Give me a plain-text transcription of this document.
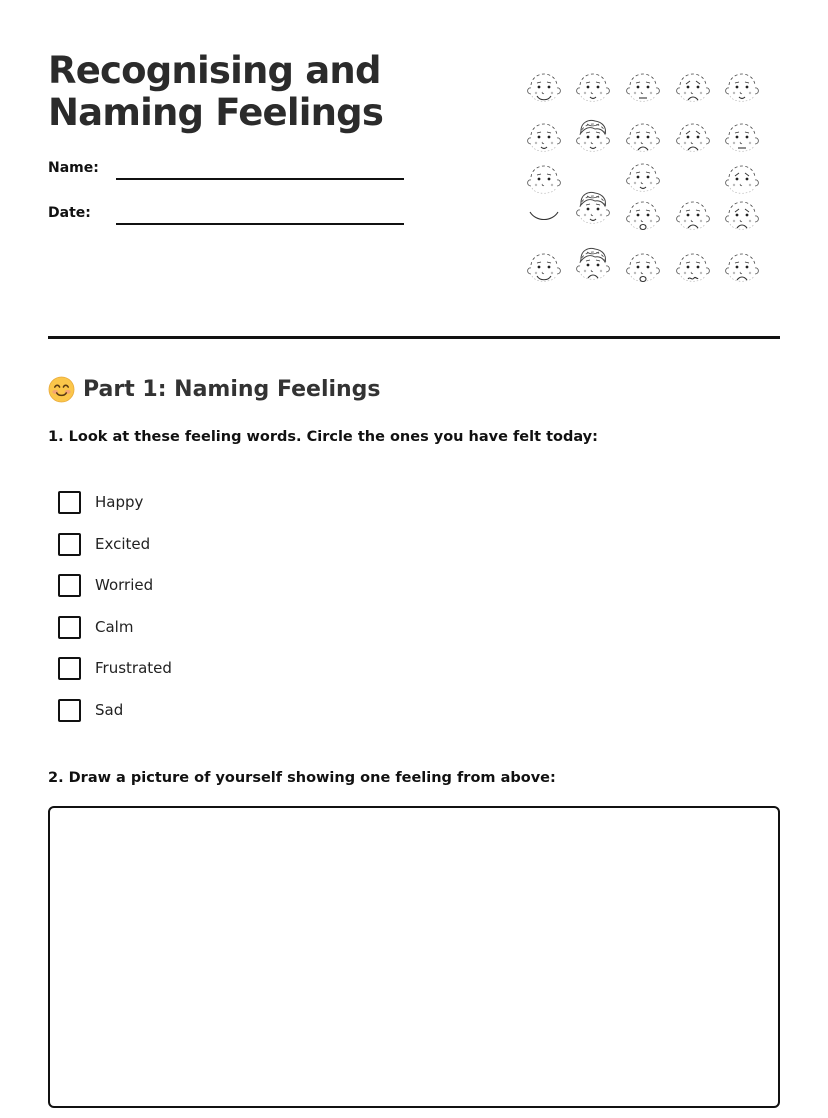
Recognising and
Naming Feelings
Name:
Date:
Part 1: Naming Feelings
1. Look at these feeling words. Circle the ones you have felt today:
Happy
Excited
Worried
Calm
Frustrated
Sad
2. Draw a picture of yourself showing one feeling from above:
